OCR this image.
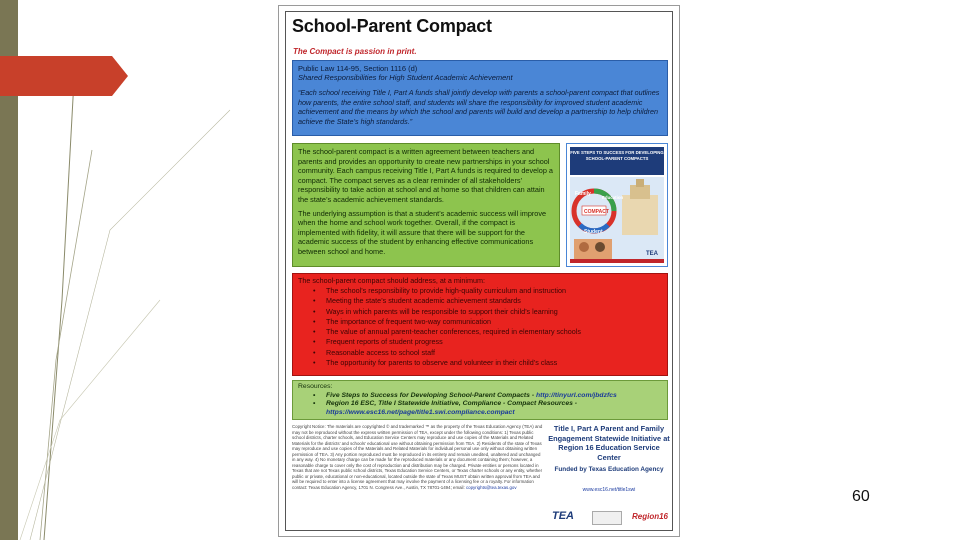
School-Parent Compact
The Compact is passion in print.
Public Law 114-95, Section 1116 (d)
Shared Responsibilities for High Student Academic Achievement
“Each school receiving Title I, Part A funds shall jointly develop with parents a school-parent compact that outlines how parents, the entire school staff, and students will share the responsibility for improved student academic achievement and the means by which the school and parents will build and develop a partnership to help children achieve the State’s high standards.”

The school-parent compact is a written agreement between teachers and parents and provides an opportunity to create new partnerships in your school community. Each campus receiving Title I, Part A funds is required to develop a compact. The compact serves as a clear reminder of all stakeholders’ responsibility to take action at school and at home so that children can attain the state’s academic achievement standards.

The underlying assumption is that a student’s academic success will improve when the home and school work together. Overall, if the compact is implemented with fidelity, it will assure that there will be support for the academic success of the student by enhancing effective communications between school and home.

FIVE STEPS TO SUCCESS FOR DEVELOPING SCHOOL-PARENT COMPACTS
Family
Education
Student
COMPACT
TEA
The school-parent compact should address, at a minimum:
• The school’s responsibility to provide high-quality curriculum and instruction
• Meeting the state’s student academic achievement standards
• Ways in which parents will be responsible to support their child’s learning
• The importance of frequent two-way communication
• The value of annual parent-teacher conferences, required in elementary schools
• Frequent reports of student progress
• Reasonable access to school staff
• The opportunity for parents to observe and volunteer in their child’s class
Resources:
• Five Steps to Success for Developing School-Parent Compacts - http://tinyurl.com/jbdzfcs
• Region 16 ESC, Title I Statewide Initiative, Compliance - Compact Resources -
https://www.esc16.net/page/title1.swi.compliance.compact
Copyright Notice: The materials are copyrighted © and trademarked ™ as the property of the Texas Education Agency (TEA) and may not be reproduced without the express written permission of TEA, except under the following conditions: 1) Texas public school districts, charter schools, and Education Service Centers may reproduce and use copies of the Materials and Related Materials for the districts’ and schools’ educational use without obtaining permission from TEA. 2) Residents of the state of Texas may reproduce and use copies of the Materials and Related Materials for individual personal use only without obtaining written permission of TEA. 3) Any portion reproduced must be reproduced in its entirety and remain unedited, unaltered and unchanged in any way. 4) No monetary charge can be made for the reproduced materials or any document containing them; however, a reasonable charge to cover only the cost of reproduction and distribution may be charged. Private entities or persons located in Texas that are not Texas public school districts, Texas Education Service Centers, or Texas charter schools or any entity, whether public or private, educational or non-educational, located outside the state of Texas MUST obtain written approval from TEA and will be required to enter into a license agreement that may involve the payment of a licensing fee or a royalty. For information contact: Texas Education Agency, 1701 N. Congress Ave., Austin, TX 78701-1494; email: copyrights@tea.texas.gov
Title I, Part A Parent and Family Engagement Statewide Initiative at Region 16 Education Service Center
Funded by Texas Education Agency
www.esc16.net/title1swi
TEA	Region16
60
